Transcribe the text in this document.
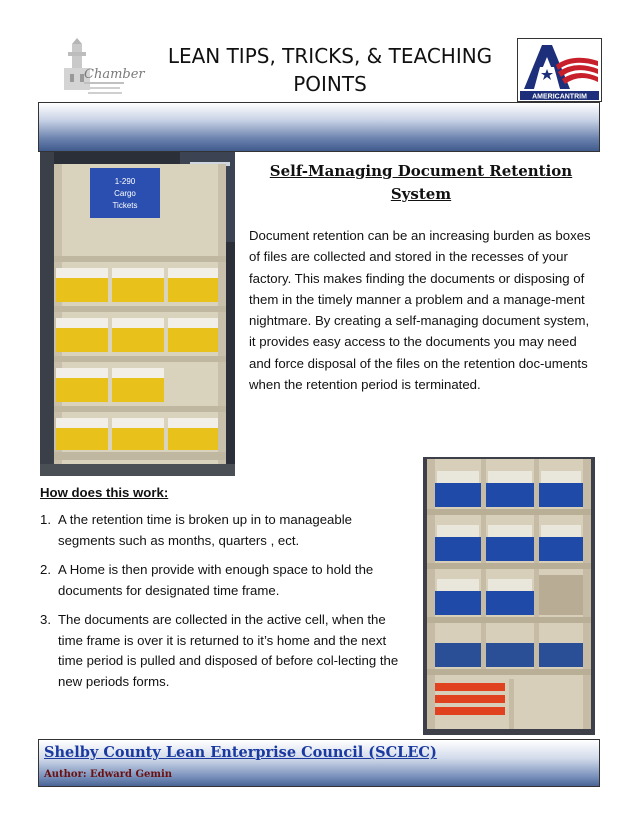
Chamber
LEAN TIPS, TRICKS, & TEACHING
POINTS
AMERICANTRIM
1-290
Cargo
Tickets
Self-Managing Document Retention
System
Document retention can be an increasing burden as boxes of files are collected and stored in the recesses of your factory. This makes finding the documents or disposing of them in the timely manner a problem and a manage-ment nightmare. By creating a self-managing document system, it provides easy access to the documents you may need and force disposal of the files on the retention doc-uments when the retention period is terminated.
How does this work:
1. A the retention time is broken up in to manageable segments such as months, quarters , ect.
2. A Home is then provide with enough space to hold the documents for designated time frame.
3. The documents are collected in the active cell, when the time frame is over it is returned to it’s home and the next time period is pulled and disposed of before col-lecting the new periods forms.
Shelby County Lean Enterprise Council (SCLEC)
Author: Edward Gemin
